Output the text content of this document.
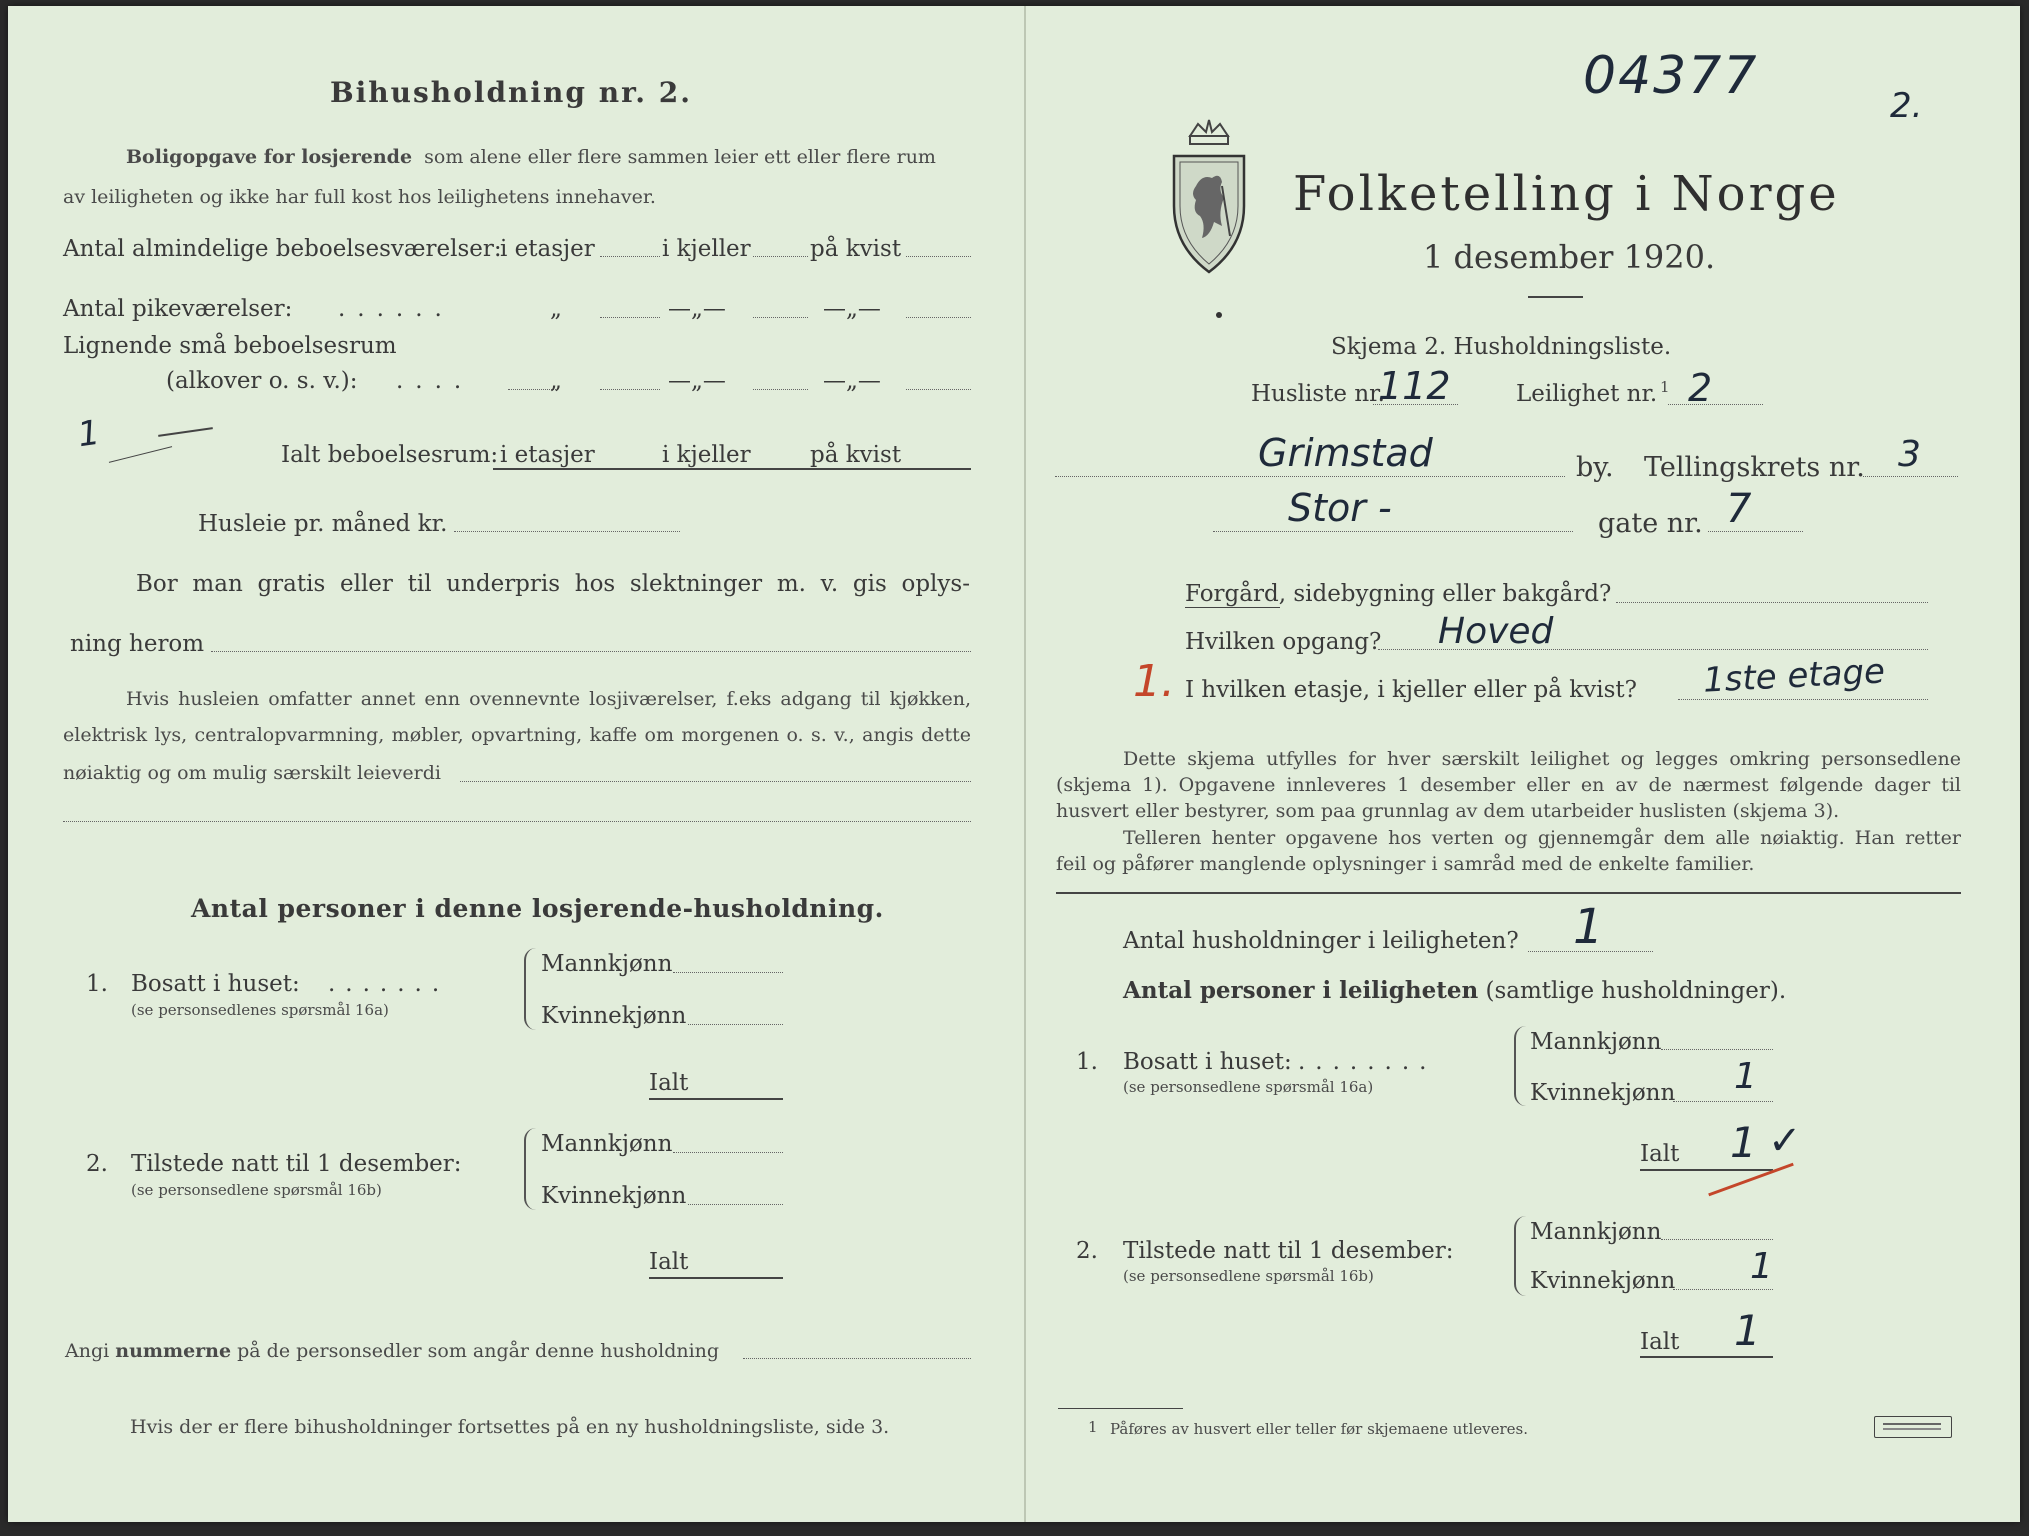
Bihusholdning nr. 2.
Boligopgave for losjerende som alene eller flere sammen leier ett eller flere rum
av leiligheten og ikke har full kost hos leilighetens innehaver.
Antal almindelige beboelsesværelser:
i etasjer	i kjeller	på kvist
Antal pikeværelser: ......	„	—„—	—„—
Lignende små beboelsesrum
(alkover o. s. v.): ....	„	—„—	—„—
1	Ialt beboelsesrum: i etasjer	i kjeller	på kvist
Husleie pr. måned kr.
Bor man gratis eller til underpris hos slektninger m. v. gis oplys-
ning herom
Hvis husleien omfatter annet enn ovennevnte losjiværelser, f.eks adgang til kjøkken,
elektrisk lys, centralopvarmning, møbler, opvartning, kaffe om morgenen o. s. v., angis dette
nøiaktig og om mulig særskilt leieverdi
Antal personer i denne losjerende-husholdning.
1. Bosatt i huset: .......
(se personsedlenes spørsmål 16a)
Mannkjønn
Kvinnekjønn
Ialt
2. Tilstede natt til 1 desember:
(se personsedlene spørsmål 16b)
Mannkjønn
Kvinnekjønn
Ialt
Angi nummerne på de personsedler som angår denne husholdning
Hvis der er flere bihusholdninger fortsettes på en ny husholdningsliste, side 3.
04377	2.
Folketelling i Norge
1 desember 1920.
Skjema 2. Husholdningsliste.
Husliste nr.
112	Leilighet nr. 1 2
Grimstad	by. Tellingskrets nr. 3
Stor -	gate nr. 7
Forgård, sidebygning eller bakgård?
Hvilken opgang? Hoved
1. I hvilken etasje, i kjeller eller på kvist? 1ste etage
Dette skjema utfylles for hver særskilt leilighet og legges omkring personsedlene
(skjema 1). Opgavene innleveres 1 desember eller en av de nærmest følgende dager til
husvert eller bestyrer, som paa grunnlag av dem utarbeider huslisten (skjema 3).
Telleren henter opgavene hos verten og gjennemgår dem alle nøiaktig. Han retter
feil og påfører manglende oplysninger i samråd med de enkelte familier.
Antal husholdninger i leiligheten? 1
Antal personer i leiligheten (samtlige husholdninger).
1. Bosatt i huset: ........
(se personsedlene spørsmål 16a)
Mannkjønn
Kvinnekjønn 1
Ialt 1 ✓
2. Tilstede natt til 1 desember:
(se personsedlene spørsmål 16b)
Mannkjønn
Kvinnekjønn 1
Ialt 1
1 Påføres av husvert eller teller før skjemaene utleveres.
